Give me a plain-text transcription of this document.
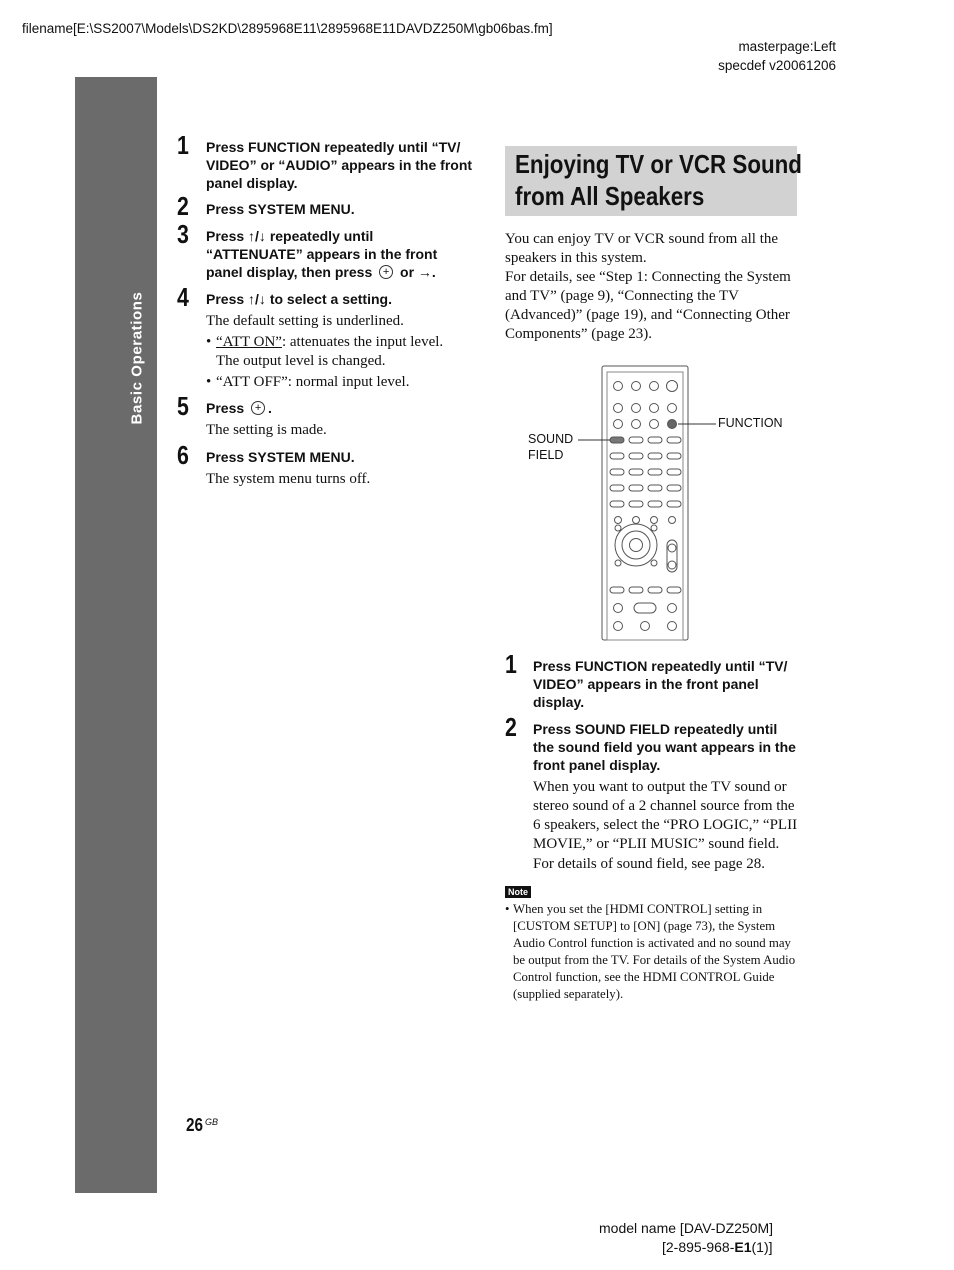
filename[E:\SS2007\Models\DS2KD\2895968E11\2895968E11DAVDZ250M\gb06bas.fm]
masterpage:Left
specdef v20061206
Basic Operations
1 Press FUNCTION repeatedly until “TV/ VIDEO” or “AUDIO” appears in the front panel display.
2 Press SYSTEM MENU.
3 Press ↑/↓ repeatedly until “ATTENUATE” appears in the front panel display, then press + or →.
4 Press ↑/↓ to select a setting.
The default setting is underlined.
• “ATT ON”: attenuates the input level. The output level is changed.
• “ATT OFF”: normal input level.
5 Press + .
The setting is made.
6 Press SYSTEM MENU.
The system menu turns off.
Enjoying TV or VCR Sound
from All Speakers
You can enjoy TV or VCR sound from all the speakers in this system.
For details, see “Step 1: Connecting the System and TV” (page 9), “Connecting the TV (Advanced)” (page 19), and “Connecting Other Components” (page 23).
FUNCTION
SOUND
FIELD
1 Press FUNCTION repeatedly until “TV/ VIDEO” appears in the front panel display.
2 Press SOUND FIELD repeatedly until the sound field you want appears in the front panel display.
When you want to output the TV sound or stereo sound of a 2 channel source from the 6 speakers, select the “PRO LOGIC,” “PLII MOVIE,” or “PLII MUSIC” sound field.
For details of sound field, see page 28.
Note
• When you set the [HDMI CONTROL] setting in [CUSTOM SETUP] to [ON] (page 73), the System Audio Control function is activated and no sound may be output from the TV. For details of the System Audio Control function, see the HDMI CONTROL Guide (supplied separately).
26 GB
model name [DAV-DZ250M]
[2-895-968-E1(1)]
